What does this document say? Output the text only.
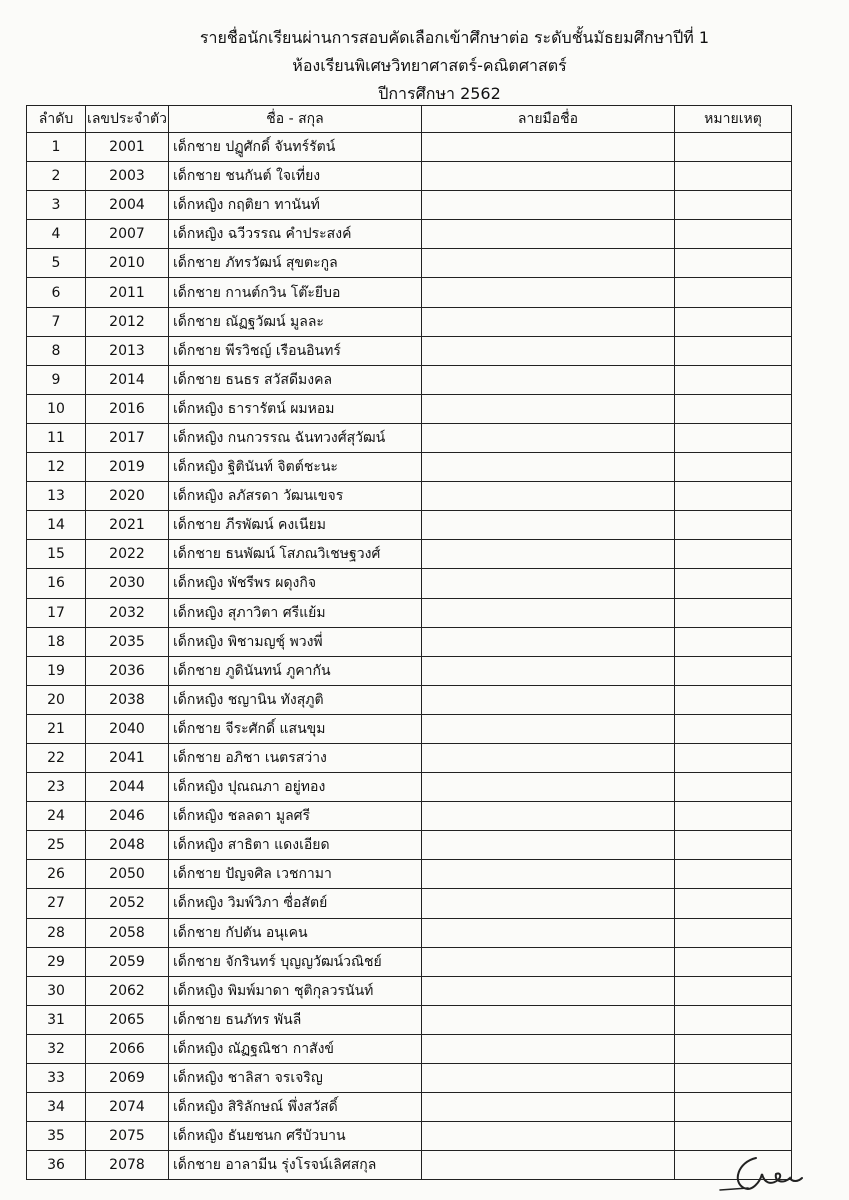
รายชื่อนักเรียนผ่านการสอบคัดเลือกเข้าศึกษาต่อ ระดับชั้นมัธยมศึกษาปีที่ 1
ห้องเรียนพิเศษวิทยาศาสตร์-คณิตศาสตร์
ปีการศึกษา 2562
ลำดับ	เลขประจำตัว	ชื่อ - สกุล	ลายมือชื่อ	หมายเหตุ
1	2001	เด็กชาย ปฏูศักดิ์ จันทร์รัตน์		
2	2003	เด็กชาย ชนกันต์ ใจเที่ยง		
3	2004	เด็กหญิง กฤติยา ทานันท์		
4	2007	เด็กหญิง ฉวีวรรณ คำประสงค์		
5	2010	เด็กชาย ภัทรวัฒน์ สุขตะกูล		
6	2011	เด็กชาย กานต์กวิน โต๊ะยีบอ		
7	2012	เด็กชาย ณัฏฐวัฒน์ มูลละ		
8	2013	เด็กชาย พีรวิชญ์ เรือนอินทร์		
9	2014	เด็กชาย ธนธร สวัสดีมงคล		
10	2016	เด็กหญิง ธารารัตน์ ผมหอม		
11	2017	เด็กหญิง กนกวรรณ ฉันทวงศ์สุวัฒน์		
12	2019	เด็กหญิง ฐิตินันท์ จิตต์ชะนะ		
13	2020	เด็กหญิง ลภัสรดา วัฒนเขจร		
14	2021	เด็กชาย ภีรพัฒน์ คงเนียม		
15	2022	เด็กชาย ธนพัฒน์ โสภณวิเชษฐวงศ์		
16	2030	เด็กหญิง พัชรีพร ผดุงกิจ		
17	2032	เด็กหญิง สุภาวิตา ศรีแย้ม		
18	2035	เด็กหญิง พิชามญชุ์ พวงพี่		
19	2036	เด็กชาย ภูดินันทน์ ภูคากัน		
20	2038	เด็กหญิง ชญานิน ทังสุภูติ		
21	2040	เด็กชาย จีระศักดิ์ แสนขุม		
22	2041	เด็กชาย อภิชา เนตรสว่าง		
23	2044	เด็กหญิง ปุณณภา อยู่ทอง		
24	2046	เด็กหญิง ชลลดา มูลศรี		
25	2048	เด็กหญิง สาธิตา แดงเอียด		
26	2050	เด็กชาย ปัญจศิล เวชกามา		
27	2052	เด็กหญิง วิมพ์วิภา ซื่อสัตย์		
28	2058	เด็กชาย กัปตัน อนุเคน		
29	2059	เด็กชาย จักรินทร์ บุญญวัฒน์วณิชย์		
30	2062	เด็กหญิง พิมพ์มาดา ชุติกุลวรนันท์		
31	2065	เด็กชาย ธนภัทร พันลี		
32	2066	เด็กหญิง ณัฏฐณิชา กาสังข์		
33	2069	เด็กหญิง ชาลิสา จรเจริญ		
34	2074	เด็กหญิง สิริลักษณ์ พึ่งสวัสดิ์		
35	2075	เด็กหญิง ธันยชนก ศรีบัวบาน		
36	2078	เด็กชาย อาลามีน รุ่งโรจน์เลิศสกุล		
